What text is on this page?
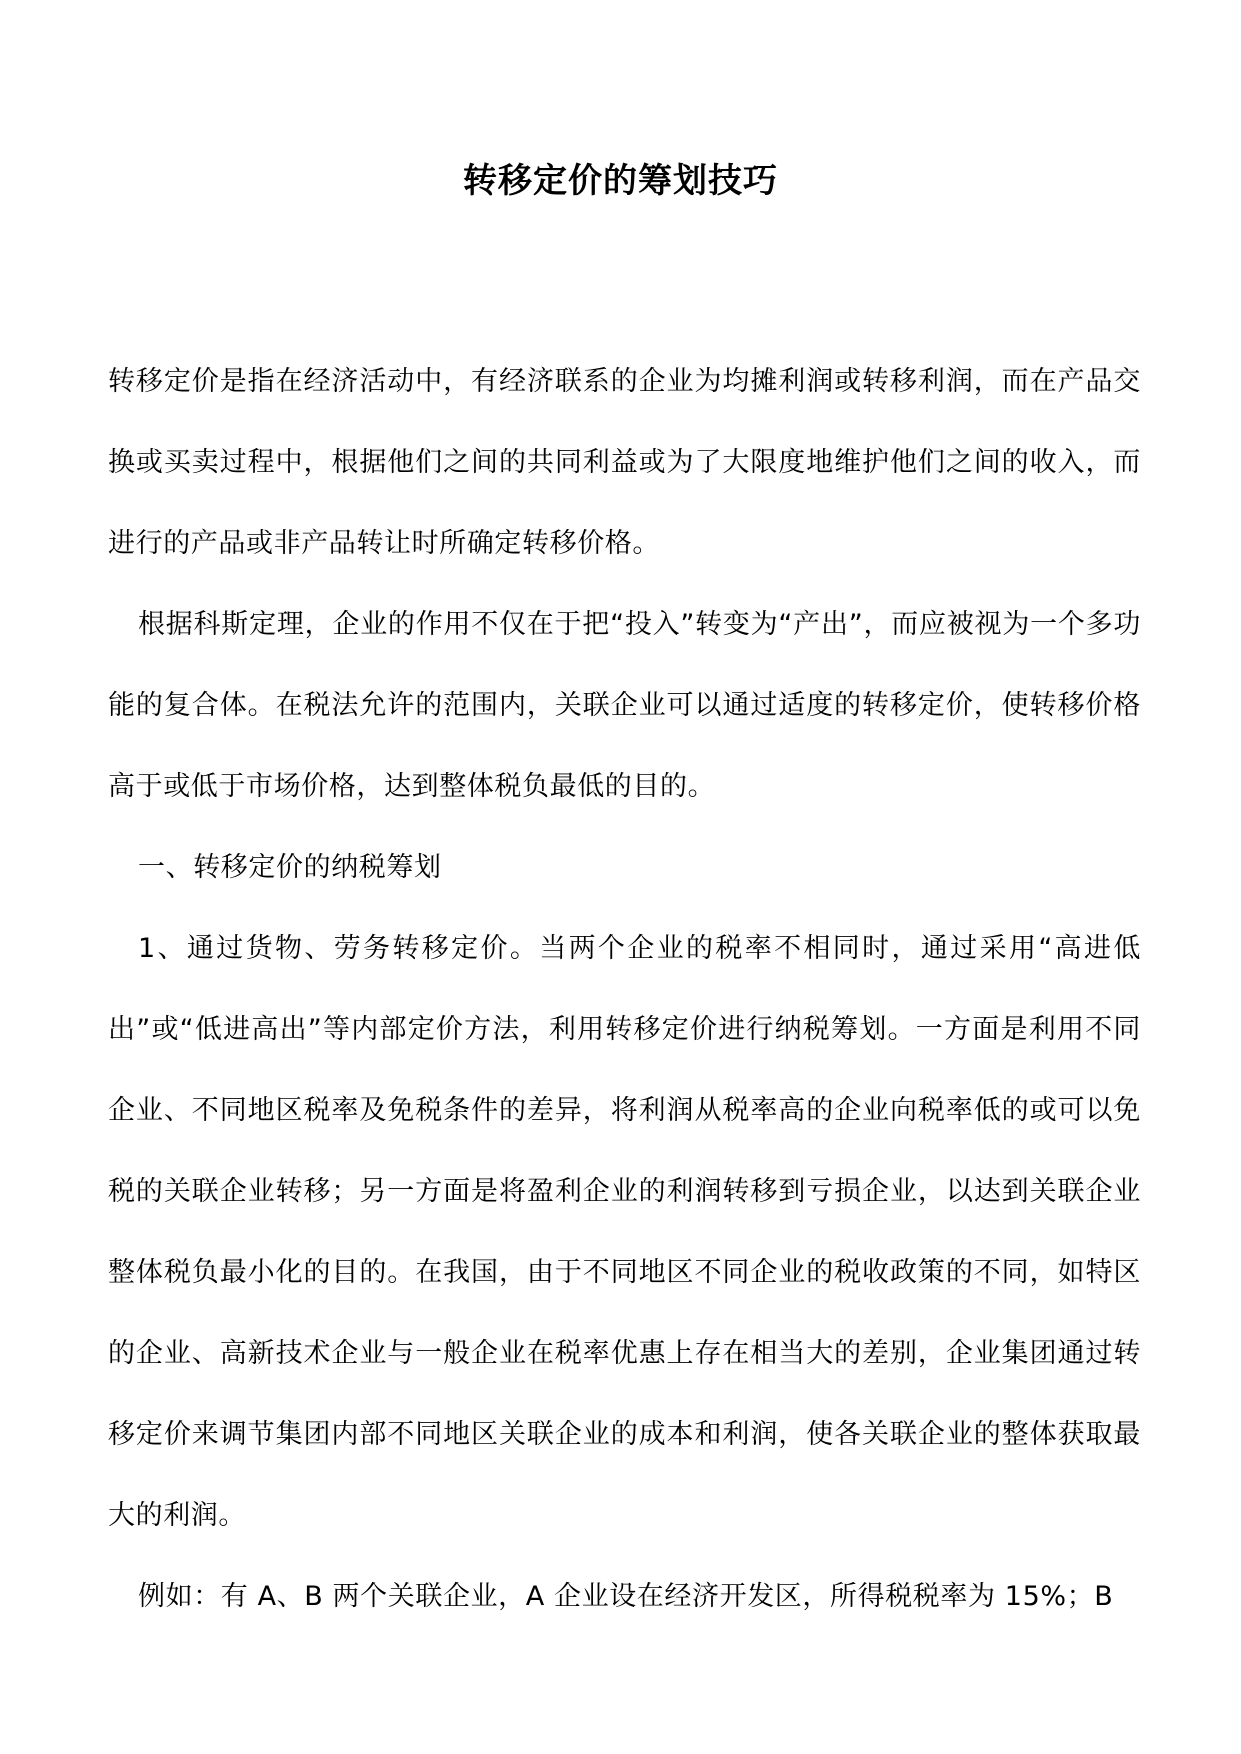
转移定价的筹划技巧

转移定价是指在经济活动中，有经济联系的企业为均摊利润或转移利润，而在产品交换或买卖过程中，根据他们之间的共同利益或为了大限度地维护他们之间的收入，而进行的产品或非产品转让时所确定转移价格。

根据科斯定理，企业的作用不仅在于把“投入”转变为“产出”，而应被视为一个多功能的复合体。在税法允许的范围内，关联企业可以通过适度的转移定价，使转移价格高于或低于市场价格，达到整体税负最低的目的。

一、转移定价的纳税筹划

1、通过货物、劳务转移定价。当两个企业的税率不相同时，通过采用“高进低出”或“低进高出”等内部定价方法，利用转移定价进行纳税筹划。一方面是利用不同企业、不同地区税率及免税条件的差异，将利润从税率高的企业向税率低的或可以免税的关联企业转移；另一方面是将盈利企业的利润转移到亏损企业，以达到关联企业整体税负最小化的目的。在我国，由于不同地区不同企业的税收政策的不同，如特区的企业、高新技术企业与一般企业在税率优惠上存在相当大的差别，企业集团通过转移定价来调节集团内部不同地区关联企业的成本和利润，使各关联企业的整体获取最大的利润。

例如：有 A、B 两个关联企业，A 企业设在经济开发区，所得税税率为 15%；B
